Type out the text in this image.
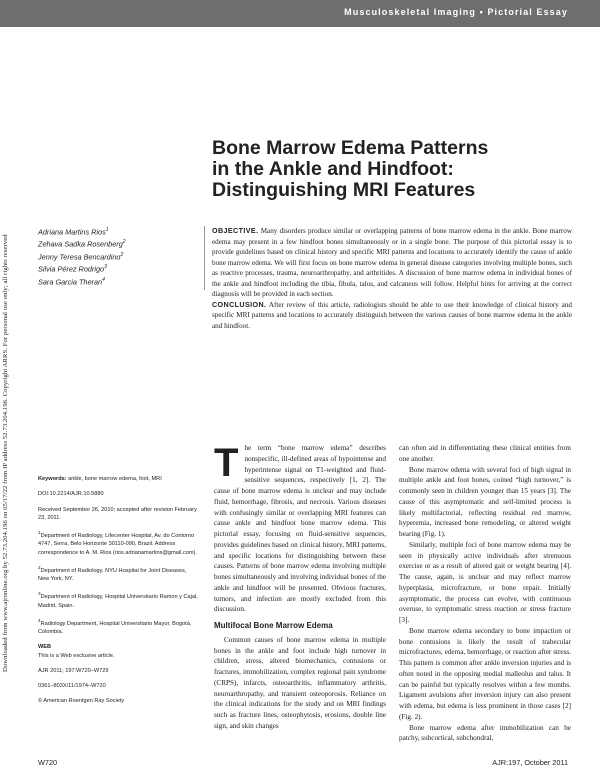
Musculoskeletal Imaging • Pictorial Essay

Downloaded from www.ajronline.org by 52.73.204.196 on 05/17/22 from IP address 52.73.204.196. Copyright ARRS. For personal use only; all rights reserved
Bone Marrow Edema Patterns
in the Ankle and Hindfoot:
Distinguishing MRI Features
Adriana Martins Rios$^1$
Zehava Sadka Rosenberg$^2$
Jenny Teresa Bencardino$^2$
Silvia Pérez Rodrigo$^3$
Sara Garcia Theran$^4$

OBJECTIVE. Many disorders produce similar or overlapping patterns of bone marrow edema in the ankle. Bone marrow edema may present in a few hindfoot bones simultaneously or in a single bone. The purpose of this pictorial essay is to provide guidelines based on clinical history and specific MRI patterns and locations to accurately identify the cause of ankle bone marrow edema. We will first focus on bone marrow edema in general disease categories involving multiple bones, such as reactive processes, trauma, neuroarthropathy, and arthritides. A discussion of bone marrow edema in individual bones of the ankle and hindfoot including the tibia, fibula, talus, and calcaneus will follow. Helpful hints for arriving at the correct diagnosis will be provided in each section.

CONCLUSION. After review of this article, radiologists should be able to use their knowledge of clinical history and specific MRI patterns and locations to accurately distinguish between the various causes of bone marrow edema in the ankle and hindfoot.

Keywords: ankle, bone marrow edema, foot, MRI

DOI:10.2214/AJR.10.5880

Received September 26, 2010; accepted after revision February 23, 2011.

$^1$Department of Radiology, Lifecenter Hospital, Av. do Contorno 4747, Serra, Belo Horizonte 30110-090, Brazil. Address correspondence to A. M. Rios (rios.adrianamartins@gmail.com).

$^2$Department of Radiology, NYU Hospital for Joint Diseases, New York, NY.

$^3$Department of Radiology, Hospital Universitario Ramon y Cajal, Madrid, Spain.

$^4$Radiology Department, Hospital Universitario Mayor, Bogotá, Colombia.

WEB
This is a Web exclusive article.

AJR 2011; 197:W720–W729

0361–803X/11/1974–W720

© American Roentgen Ray Society

The term “bone marrow edema” describes nonspecific, ill-defined areas of hypointense and hyperintense signal on T1-weighted and fluid-sensitive sequences, respectively [1, 2]. The cause of bone marrow edema is unclear and may include fluid, hemorrhage, fibrosis, and necrosis. Various diseases with confusingly similar or overlapping MRI features can cause ankle and hindfoot bone marrow edema. This pictorial essay, focusing on fluid-sensitive sequences, provides guidelines based on clinical history, MRI patterns, and specific locations for distinguishing between these causes. Patterns of bone marrow edema involving multiple bones simultaneously and involving individual bones of the ankle and hindfoot will be presented. Obvious fractures, tumors, and infection are mostly excluded from this discussion.

Multifocal Bone Marrow Edema

Common causes of bone marrow edema in multiple bones in the ankle and foot include high turnover in children, stress, altered biomechanics, contusions or fractures, immobilization, complex regional pain syndrome (CRPS), infarcts, osteoarthritis, inflammatory arthritis, neuroarthropathy, and transient osteoporosis. Reliance on the clinical indications for the study and on MRI findings such as fracture lines, osteophytosis, erosions, double line sign, and skin changes

can often aid in differentiating these clinical entities from one another.

Bone marrow edema with several foci of high signal in multiple ankle and foot bones, coined “high turnover,” is commonly seen in children younger than 15 years [3]. The cause of this asymptomatic and self-limited process is likely multifactorial, reflecting residual red marrow, hyperemia, increased bone remodeling, or altered weight bearing (Fig. 1).

Similarly, multiple foci of bone marrow edema may be seen in physically active individuals after strenuous exercise or as a result of altered gait or weight bearing [4]. The cause, again, is unclear and may reflect marrow hyperplasia, microfracture, or bone repair. Initially asymptomatic, the process can evolve, with continuous overuse, to symptomatic stress reaction or stress fracture [3].

Bone marrow edema secondary to bone impaction or bone contusions is likely the result of trabecular microfractures, edema, hemorrhage, or reaction after stress. This pattern is common after ankle inversion injuries and is often noted in the opposing medial malleolus and talus. It can be painful but typically resolves within a few months. Ligament avulsions after inversion injury can also present with edema, but edema is less prominent in those cases [2] (Fig. 2).

Bone marrow edema after immobilization can be patchy, subcortical, subchondral,

W720	AJR:197, October 2011
